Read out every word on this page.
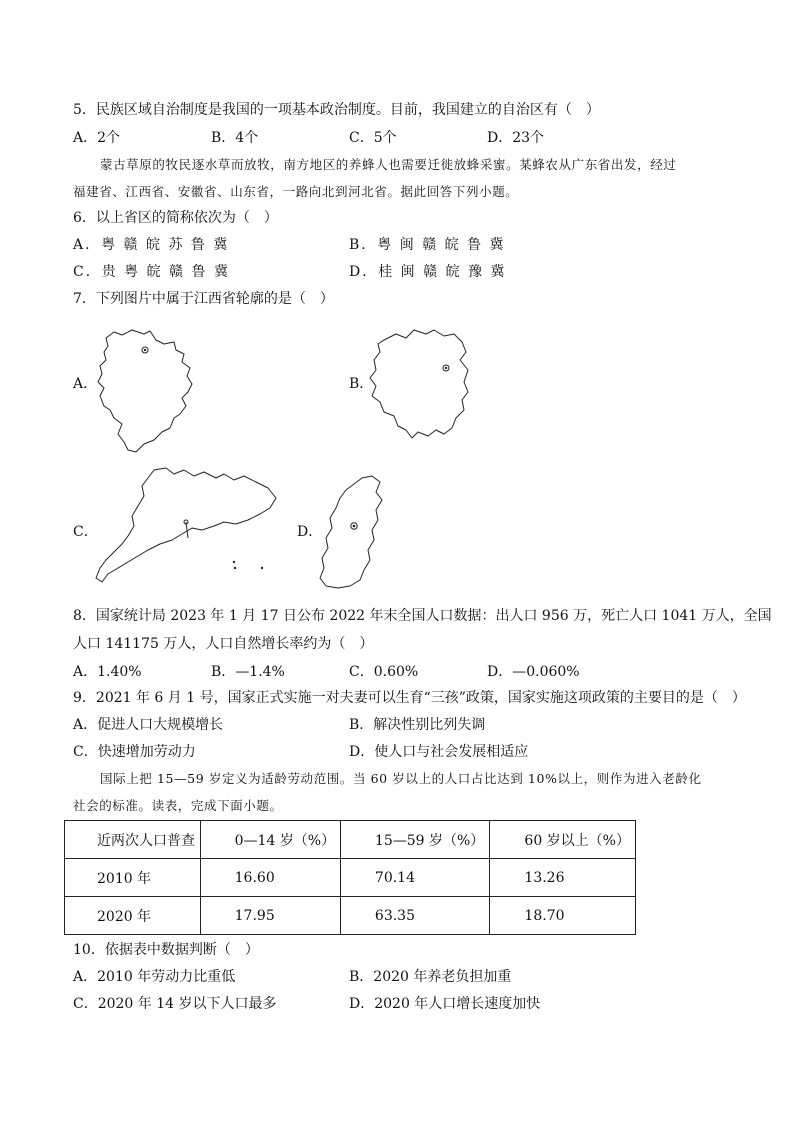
5．民族区域自治制度是我国的一项基本政治制度。目前，我国建立的自治区有（　）
A．2个	B．4个	C．5个	D．23个
蒙古草原的牧民逐水草而放牧，南方地区的养蜂人也需要迁徙放蜂采蜜。某蜂农从广东省出发，经过
福建省、江西省、安徽省、山东省，一路向北到河北省。据此回答下列小题。
6．以上省区的简称依次为（　）
A．粤 赣 皖 苏 鲁 冀	B．粤 闽 赣 皖 鲁 冀
C．贵 粤 皖 赣 鲁 冀	D．桂 闽 赣 皖 豫 冀
7．下列图片中属于江西省轮廓的是（　）
A．	B．
C．	D．
8．国家统计局 2023 年 1 月 17 日公布 2022 年末全国人口数据：出人口 956 万，死亡人口 1041 万人，全国
人口 141175 万人，人口自然增长率约为（　）
A．1.40%	B．—1.4%	C．0.60%	D．—0.060%
9．2021 年 6 月 1 号，国家正式实施一对夫妻可以生育“三孩”政策，国家实施这项政策的主要目的是（　）
A．促进人口大规模增长	B．解决性别比列失调
C．快速增加劳动力	D．使人口与社会发展相适应
国际上把 15—59 岁定义为适龄劳动范围。当 60 岁以上的人口占比达到 10%以上，则作为进入老龄化
社会的标准。读表，完成下面小题。
近两次人口普查	0—14 岁（%）	15—59 岁（%）	60 岁以上（%）
2010 年	16.60	70.14	13.26
2020 年	17.95	63.35	18.70
10．依据表中数据判断（　）
A．2010 年劳动力比重低	B．2020 年养老负担加重
C．2020 年 14 岁以下人口最多	D．2020 年人口增长速度加快
